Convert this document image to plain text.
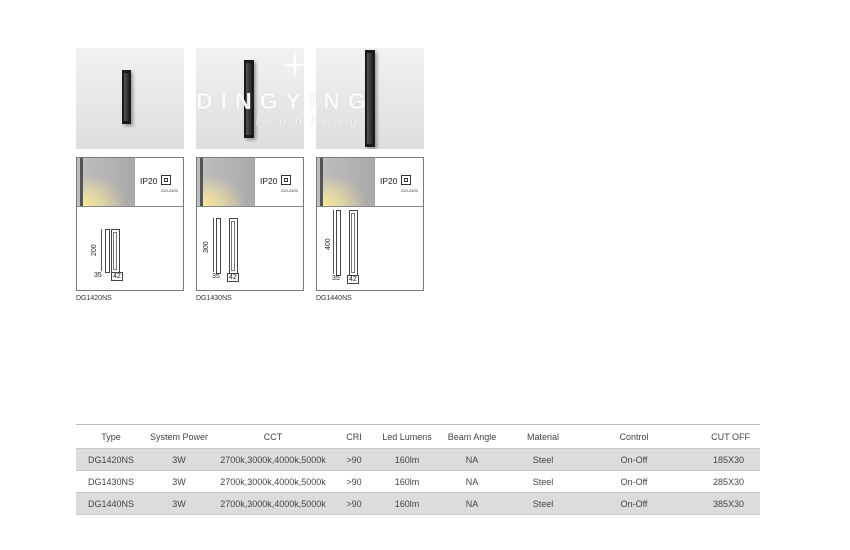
IP20
220-240V
200
35 42
DG1420NS
IP20
220-240V
300
35 42
DG1430NS
IP20
220-240V
400
35 42
DG1440NS
DINGYING
lighting
Type	System Power	CCT	CRI	Led Lumens	Beam Angle	Material	Control	CUT OFF
DG1420NS	3W	2700k,3000k,4000k,5000k	>90	160lm	NA	Steel	On-Off	185X30
DG1430NS	3W	2700k,3000k,4000k,5000k	>90	160lm	NA	Steel	On-Off	285X30
DG1440NS	3W	2700k,3000k,4000k,5000k	>90	160lm	NA	Steel	On-Off	385X30
